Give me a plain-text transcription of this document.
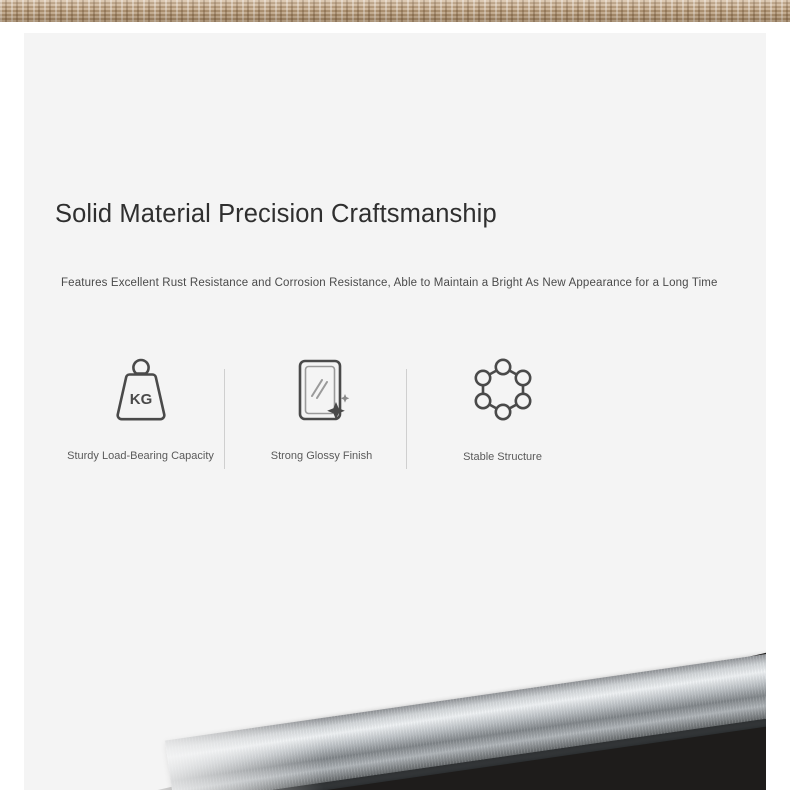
Solid Material Precision Craftsmanship
Features Excellent Rust Resistance and Corrosion Resistance, Able to Maintain a Bright As New Appearance for a Long Time
KG
Sturdy Load-Bearing Capacity	Strong Glossy Finish	Stable Structure
